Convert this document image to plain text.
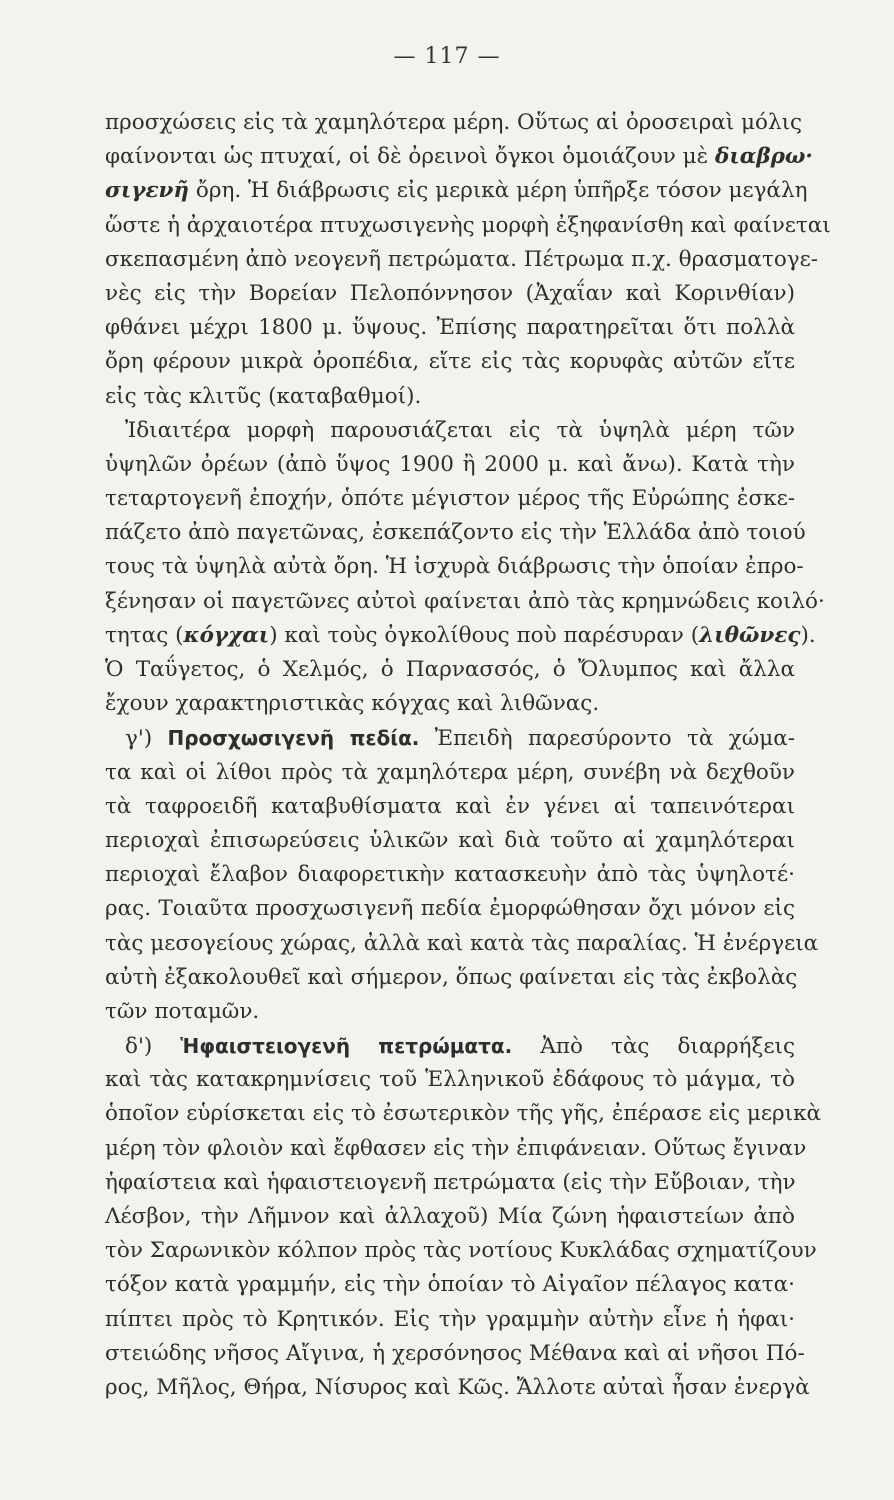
— 117 —
προσχώσεις εἰς τὰ χαμηλότερα μέρη. Οὕτως αἱ ὀροσειραὶ μόλις
φαίνονται ὡς πτυχαί, οἱ δὲ ὀρεινοὶ ὄγκοι ὁμοιάζουν μὲ διαβρω·
σιγενῆ ὄρη. Ἡ διάβρωσις εἰς μερικὰ μέρη ὑπῆρξε τόσον μεγάλη
ὥστε ἡ ἀρχαιοτέρα πτυχωσιγενὴς μορφὴ ἐξηφανίσθη καὶ φαίνεται
σκεπασμένη ἀπὸ νεογενῆ πετρώματα. Πέτρωμα π.χ. θρασματογε-
νὲς εἰς τὴν Βορείαν Πελοπόννησον (Ἀχαΐαν καὶ Κορινθίαν)
φθάνει μέχρι 1800 μ. ὕψους. Ἐπίσης παρατηρεῖται ὅτι πολλὰ
ὄρη φέρουν μικρὰ ὀροπέδια, εἴτε εἰς τὰς κορυφὰς αὐτῶν εἴτε
εἰς τὰς κλιτῦς (καταβαθμοί).
Ἰδιαιτέρα μορφὴ παρουσιάζεται εἰς τὰ ὑψηλὰ μέρη τῶν
ὑψηλῶν ὀρέων (ἀπὸ ὕψος 1900 ἢ 2000 μ. καὶ ἄνω). Κατὰ τὴν
τεταρτογενῆ ἐποχήν, ὁπότε μέγιστον μέρος τῆς Εὐρώπης ἐσκε-
πάζετο ἀπὸ παγετῶνας, ἐσκεπάζοντο εἰς τὴν Ἑλλάδα ἀπὸ τοιού
τους τὰ ὑψηλὰ αὐτὰ ὄρη. Ἡ ἰσχυρὰ διάβρωσις τὴν ὁποίαν ἐπρο-
ξένησαν οἱ παγετῶνες αὐτοὶ φαίνεται ἀπὸ τὰς κρημνώδεις κοιλό·
τητας (κόγχαι) καὶ τοὺς ὀγκολίθους ποὺ παρέσυραν (λιθῶνες).
Ὁ Ταΰγετος, ὁ Χελμός, ὁ Παρνασσός, ὁ Ὄλυμπος καὶ ἄλλα
ἔχουν χαρακτηριστικὰς κόγχας καὶ λιθῶνας.
γ') Προσχωσιγενῆ πεδία. Ἐπειδὴ παρεσύροντο τὰ χώμα-
τα καὶ οἱ λίθοι πρὸς τὰ χαμηλότερα μέρη, συνέβη νὰ δεχθοῦν
τὰ ταφροειδῆ καταβυθίσματα καὶ ἐν γένει αἱ ταπεινότεραι
περιοχαὶ ἐπισωρεύσεις ὑλικῶν καὶ διὰ τοῦτο αἱ χαμηλότεραι
περιοχαὶ ἔλαβον διαφορετικὴν κατασκευὴν ἀπὸ τὰς ὑψηλοτέ·
ρας. Τοιαῦτα προσχωσιγενῆ πεδία ἐμορφώθησαν ὄχι μόνον εἰς
τὰς μεσογείους χώρας, ἀλλὰ καὶ κατὰ τὰς παραλίας. Ἡ ἐνέργεια
αὐτὴ ἐξακολουθεῖ καὶ σήμερον, ὅπως φαίνεται εἰς τὰς ἐκβολὰς
τῶν ποταμῶν.
δ') Ἡφαιστειογενῆ πετρώματα. Ἀπὸ τὰς διαρρήξεις
καὶ τὰς κατακρημνίσεις τοῦ Ἑλληνικοῦ ἐδάφους τὸ μάγμα, τὸ
ὁποῖον εὑρίσκεται εἰς τὸ ἐσωτερικὸν τῆς γῆς, ἐπέρασε εἰς μερικὰ
μέρη τὸν φλοιὸν καὶ ἔφθασεν εἰς τὴν ἐπιφάνειαν. Οὕτως ἔγιναν
ἡφαίστεια καὶ ἡφαιστειογενῆ πετρώματα (εἰς τὴν Εὔβοιαν, τὴν
Λέσβον, τὴν Λῆμνον καὶ ἀλλαχοῦ) Μία ζώνη ἡφαιστείων ἀπὸ
τὸν Σαρωνικὸν κόλπον πρὸς τὰς νοτίους Κυκλάδας σχηματίζουν
τόξον κατὰ γραμμήν, εἰς τὴν ὁποίαν τὸ Αἰγαῖον πέλαγος κατα·
πίπτει πρὸς τὸ Κρητικόν. Εἰς τὴν γραμμὴν αὐτὴν εἶνε ἡ ἡφαι·
στειώδης νῆσος Αἴγινα, ἡ χερσόνησος Μέθανα καὶ αἱ νῆσοι Πό-
ρος, Μῆλος, Θήρα, Νίσυρος καὶ Κῶς. Ἄλλοτε αὐταὶ ἦσαν ἐνεργὰ
